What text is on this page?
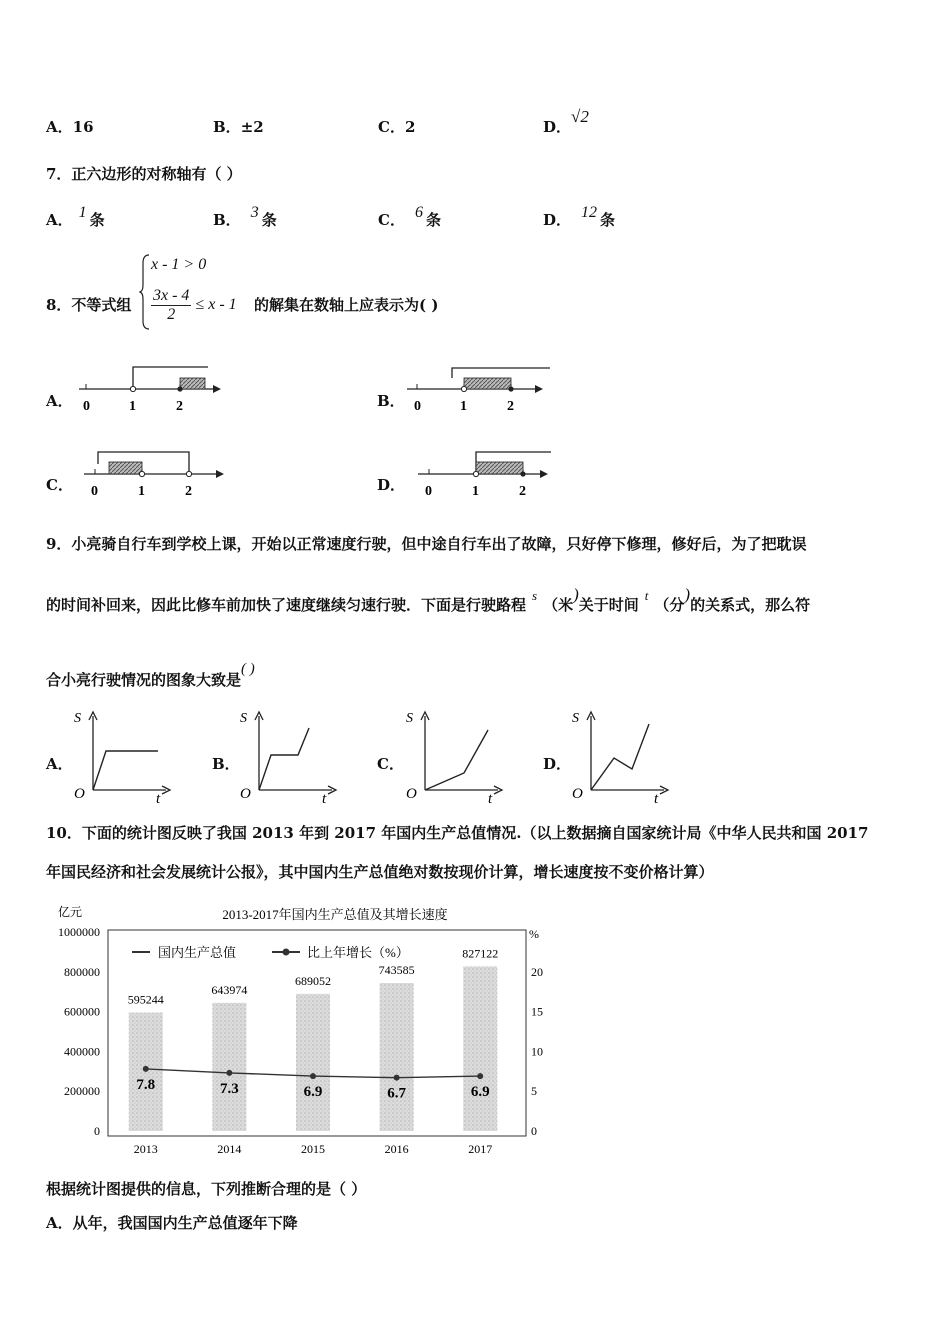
A．16	B．±2	C．2	D．√2
7．正六边形的对称轴有（ ）
A． 1 条	B． 3 条	C． 6 条	D． 12 条
8．不等式组
x - 1 > 0
$\frac{3x - 4}{2} \le x - 1$ 的解集在数轴上应表示为( )
A． 0	1	2	B． 0	1	2
C． 0	1	2	D． 0	1	2
9．小亮骑自行车到学校上课，开始以正常速度行驶，但中途自行车出了故障，只好停下修理，修好后，为了把耽误
的时间补回来，因此比修车前加快了速度继续匀速行驶．下面是行驶路程s（米)关于时间t（分)的关系式，那么符
合小亮行驶情况的图象大致是( )
A．
S
O	t
B．
S
O	t
C．
S
O	t
D．
S
O	t
10．下面的统计图反映了我国 2013 年到 2017 年国内生产总值情况.（以上数据摘自国家统计局《中华人民共和国 2017
年国民经济和社会发展统计公报》，其中国内生产总值绝对数按现价计算，增长速度按不变价格计算）
2013-2017年国内生产总值及其增长速度
亿元
%
国内生产总值	比上年增长（%）
0
200000
400000
600000
800000
1000000
0
5
10
15
20
595244
2013
643974
2014
689052
2015
743585
2016
827122
2017
7.8	7.3	6.9	6.7	6.9
根据统计图提供的信息，下列推断合理的是（ ）
A．从年，我国国内生产总值逐年下降
